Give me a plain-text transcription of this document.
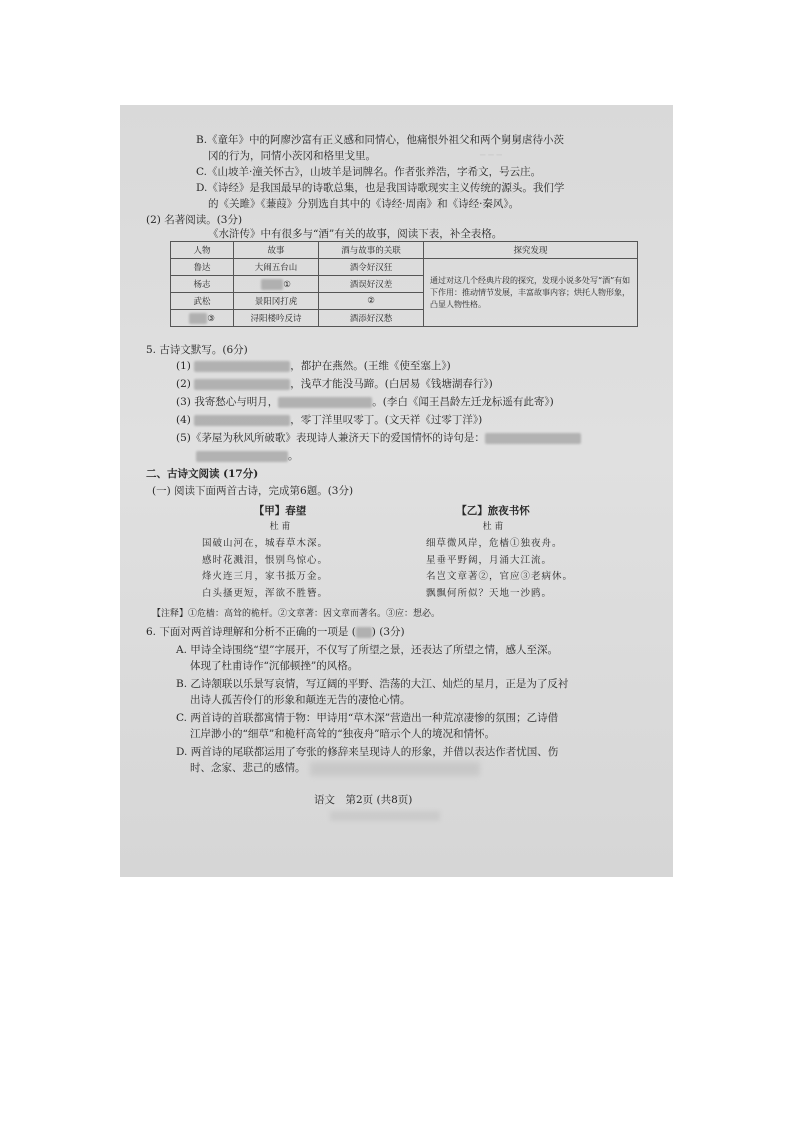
─ ─ ─
B.《童年》中的阿廖沙富有正义感和同情心，他痛恨外祖父和两个舅舅虐待小茨
冈的行为，同情小茨冈和格里戈里。
C.《山坡羊·潼关怀古》，山坡羊是词牌名。作者张养浩，字希文，号云庄。
D.《诗经》是我国最早的诗歌总集，也是我国诗歌现实主义传统的源头。我们学
的《关雎》《蒹葭》分别选自其中的《诗经·周南》和《诗经·秦风》。
(2) 名著阅读。(3分)
《水浒传》中有很多与“酒”有关的故事，阅读下表，补全表格。
人物	故事	酒与故事的关联	探究发现
鲁达	大闹五台山	酒令好汉狂	通过对这几个经典片段的探究，发现小说多处写“酒”有如下作用：推动情节发展，丰富故事内容；烘托人物形象，凸显人物性格。
杨志	①	酒误好汉差	
武松	景阳冈打虎	②	
③	浔阳楼吟反诗	酒添好汉愁	
5. 古诗文默写。(6分)
(1)	，都护在燕然。(王维《使至塞上》)
(2)	，浅草才能没马蹄。(白居易《钱塘湖春行》)
(3) 我寄愁心与明月，	。(李白《闻王昌龄左迁龙标遥有此寄》)
(4)	，零丁洋里叹零丁。(文天祥《过零丁洋》)
(5)《茅屋为秋风所破歌》表现诗人兼济天下的爱国情怀的诗句是：
。
二、古诗文阅读 (17分)
(一) 阅读下面两首古诗，完成第6题。(3分)
【甲】春望
杜 甫
国破山河在，城春草木深。
感时花溅泪，恨别鸟惊心。
烽火连三月，家书抵万金。
白头搔更短，浑欲不胜簪。
【乙】旅夜书怀
杜 甫
细草微风岸，危樯①独夜舟。
星垂平野阔，月涌大江流。
名岂文章著②，官应③老病休。
飘飘何所似？天地一沙鸥。
【注释】①危樯：高耸的桅杆。②文章著：因文章而著名。③应：想必。
6. 下面对两首诗理解和分析不正确的一项是 ( ) (3分)
A. 甲诗全诗围绕“望”字展开，不仅写了所望之景，还表达了所望之情，感人至深。
体现了杜甫诗作“沉郁顿挫”的风格。
B. 乙诗颔联以乐景写哀情，写辽阔的平野、浩荡的大江、灿烂的星月，正是为了反衬
出诗人孤苦伶仃的形象和颠连无告的凄怆心情。
C. 两首诗的首联都寓情于物：甲诗用“草木深”营造出一种荒凉凄惨的氛围；乙诗借
江岸渺小的“细草”和桅杆高耸的“独夜舟”暗示个人的境况和情怀。
D. 两首诗的尾联都运用了夸张的修辞来呈现诗人的形象，并借以表达作者忧国、伤
时、念家、悲己的感情。
语文　第2页 (共8页)
